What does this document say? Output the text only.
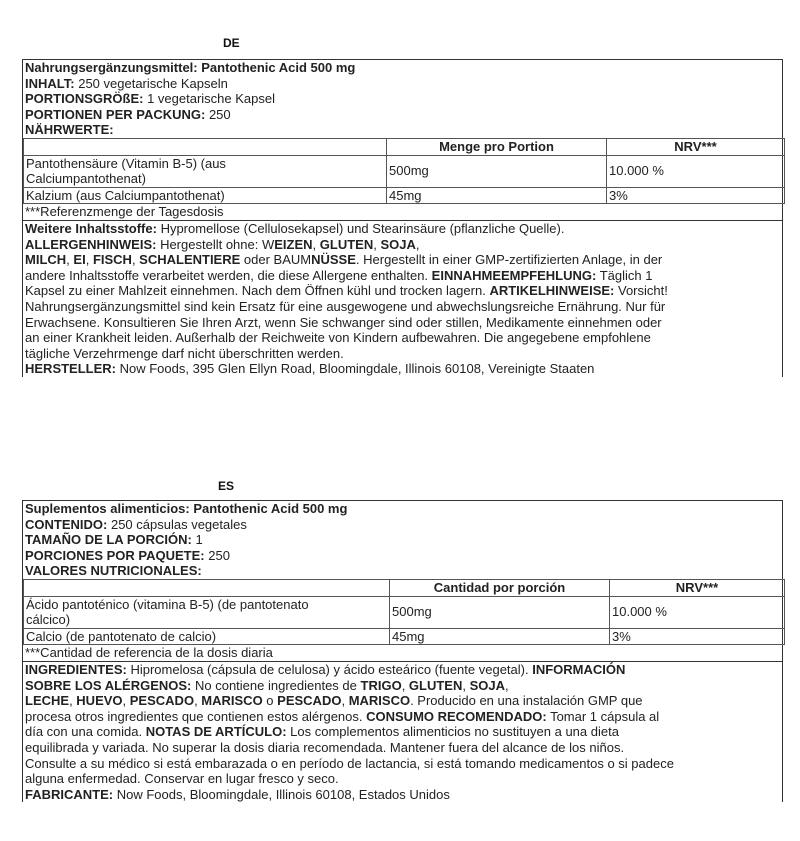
DE
Nahrungsergänzungsmittel: Pantothenic Acid 500 mg
INHALT: 250 vegetarische Kapseln
PORTIONSGRÖßE: 1 vegetarische Kapsel
PORTIONEN PER PACKUNG: 250
NÄHRWERTE:
	Menge pro Portion	NRV***
Pantothensäure (Vitamin B-5) (aus
Calciumpantothenat)	500mg	10.000 %
Kalzium (aus Calciumpantothenat)	45mg	3%
***Referenzmenge der Tagesdosis
Weitere Inhaltsstoffe: Hypromellose (Cellulosekapsel) und Stearinsäure (pflanzliche Quelle).
ALLERGENHINWEIS: Hergestellt ohne: WEIZEN, GLUTEN, SOJA,
MILCH, EI, FISCH, SCHALENTIERE oder BAUMNÜSSE. Hergestellt in einer GMP-zertifizierten Anlage, in der
andere Inhaltsstoffe verarbeitet werden, die diese Allergene enthalten. EINNAHMEEMPFEHLUNG: Täglich 1
Kapsel zu einer Mahlzeit einnehmen. Nach dem Öffnen kühl und trocken lagern. ARTIKELHINWEISE: Vorsicht!
Nahrungsergänzungsmittel sind kein Ersatz für eine ausgewogene und abwechslungsreiche Ernährung. Nur für
Erwachsene. Konsultieren Sie Ihren Arzt, wenn Sie schwanger sind oder stillen, Medikamente einnehmen oder
an einer Krankheit leiden. Außerhalb der Reichweite von Kindern aufbewahren. Die angegebene empfohlene
tägliche Verzehrmenge darf nicht überschritten werden.
HERSTELLER: Now Foods, 395 Glen Ellyn Road, Bloomingdale, Illinois 60108, Vereinigte Staaten
ES
Suplementos alimenticios: Pantothenic Acid 500 mg
CONTENIDO: 250 cápsulas vegetales
TAMAÑO DE LA PORCIÓN: 1
PORCIONES POR PAQUETE: 250
VALORES NUTRICIONALES:
	Cantidad por porción	NRV***
Ácido pantoténico (vitamina B-5) (de pantotenato
cálcico)	500mg	10.000 %
Calcio (de pantotenato de calcio)	45mg	3%
***Cantidad de referencia de la dosis diaria
INGREDIENTES: Hipromelosa (cápsula de celulosa) y ácido esteárico (fuente vegetal). INFORMACIÓN
SOBRE LOS ALÉRGENOS: No contiene ingredientes de TRIGO, GLUTEN, SOJA,
LECHE, HUEVO, PESCADO, MARISCO o PESCADO, MARISCO. Producido en una instalación GMP que
procesa otros ingredientes que contienen estos alérgenos. CONSUMO RECOMENDADO: Tomar 1 cápsula al
día con una comida. NOTAS DE ARTÍCULO: Los complementos alimenticios no sustituyen a una dieta
equilibrada y variada. No superar la dosis diaria recomendada. Mantener fuera del alcance de los niños.
Consulte a su médico si está embarazada o en período de lactancia, si está tomando medicamentos o si padece
alguna enfermedad. Conservar en lugar fresco y seco.
FABRICANTE: Now Foods, Bloomingdale, Illinois 60108, Estados Unidos
